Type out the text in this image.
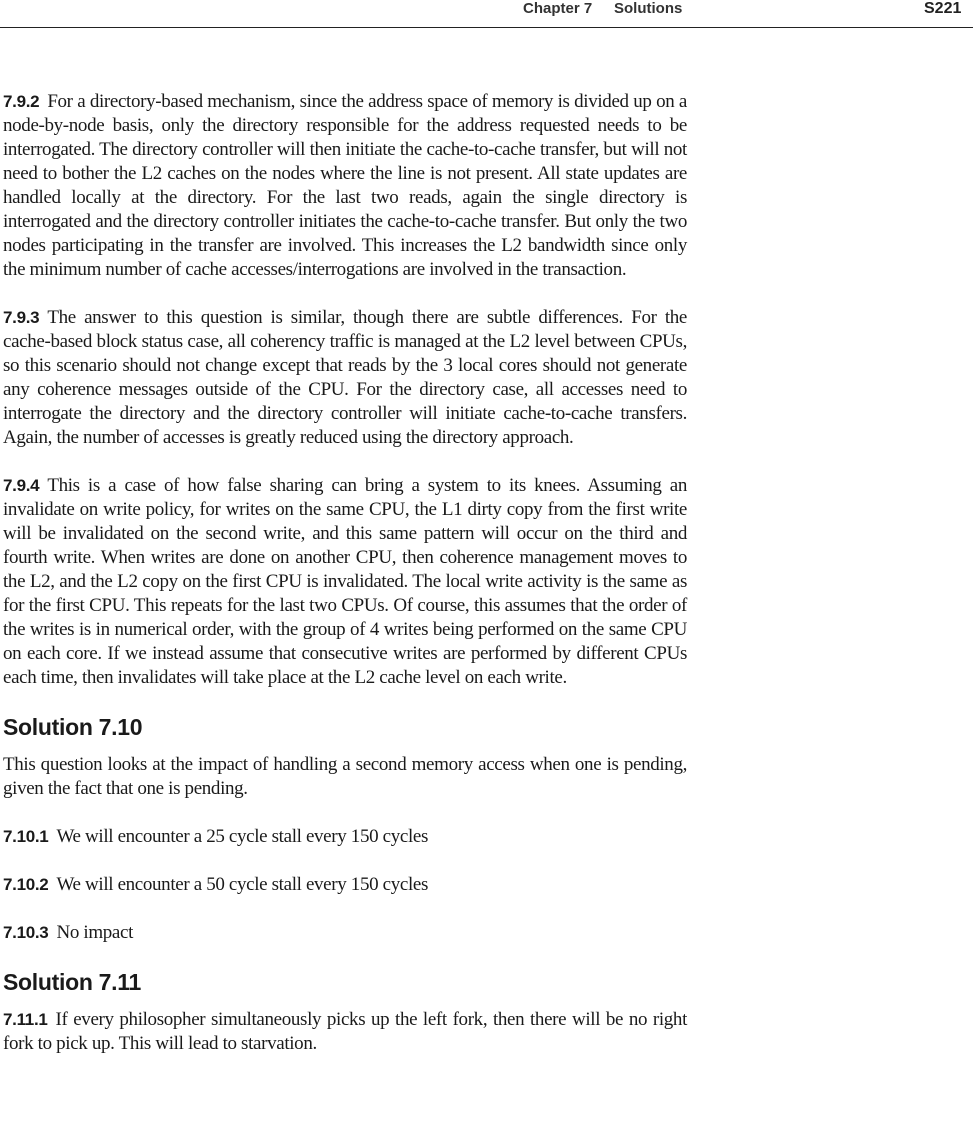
Chapter 7 Solutions	S221

7.9.2 For a directory-based mechanism, since the address space of memory is divided up on a node-by-node basis, only the directory responsible for the address requested needs to be interrogated. The directory controller will then initiate the cache-to-cache transfer, but will not need to bother the L2 caches on the nodes where the line is not present. All state updates are handled locally at the directory. For the last two reads, again the single directory is interrogated and the directory controller initiates the cache-to-cache transfer. But only the two nodes participating in the transfer are involved. This increases the L2 bandwidth since only the minimum number of cache accesses/interrogations are involved in the transaction.

7.9.3 The answer to this question is similar, though there are subtle differences. For the cache-based block status case, all coherency traffic is managed at the L2 level between CPUs, so this scenario should not change except that reads by the 3 local cores should not generate any coherence messages outside of the CPU. For the directory case, all accesses need to interrogate the directory and the directory controller will initiate cache-to-cache transfers. Again, the number of accesses is greatly reduced using the directory approach.

7.9.4 This is a case of how false sharing can bring a system to its knees. Assuming an invalidate on write policy, for writes on the same CPU, the L1 dirty copy from the first write will be invalidated on the second write, and this same pattern will occur on the third and fourth write. When writes are done on another CPU, then coherence management moves to the L2, and the L2 copy on the first CPU is invalidated. The local write activity is the same as for the first CPU. This repeats for the last two CPUs. Of course, this assumes that the order of the writes is in numerical order, with the group of 4 writes being performed on the same CPU on each core. If we instead assume that consecutive writes are performed by different CPUs each time, then invalidates will take place at the L2 cache level on each write.

Solution 7.10

This question looks at the impact of handling a second memory access when one is pending, given the fact that one is pending.

7.10.1 We will encounter a 25 cycle stall every 150 cycles

7.10.2 We will encounter a 50 cycle stall every 150 cycles

7.10.3 No impact

Solution 7.11

7.11.1 If every philosopher simultaneously picks up the left fork, then there will be no right fork to pick up. This will lead to starvation.
